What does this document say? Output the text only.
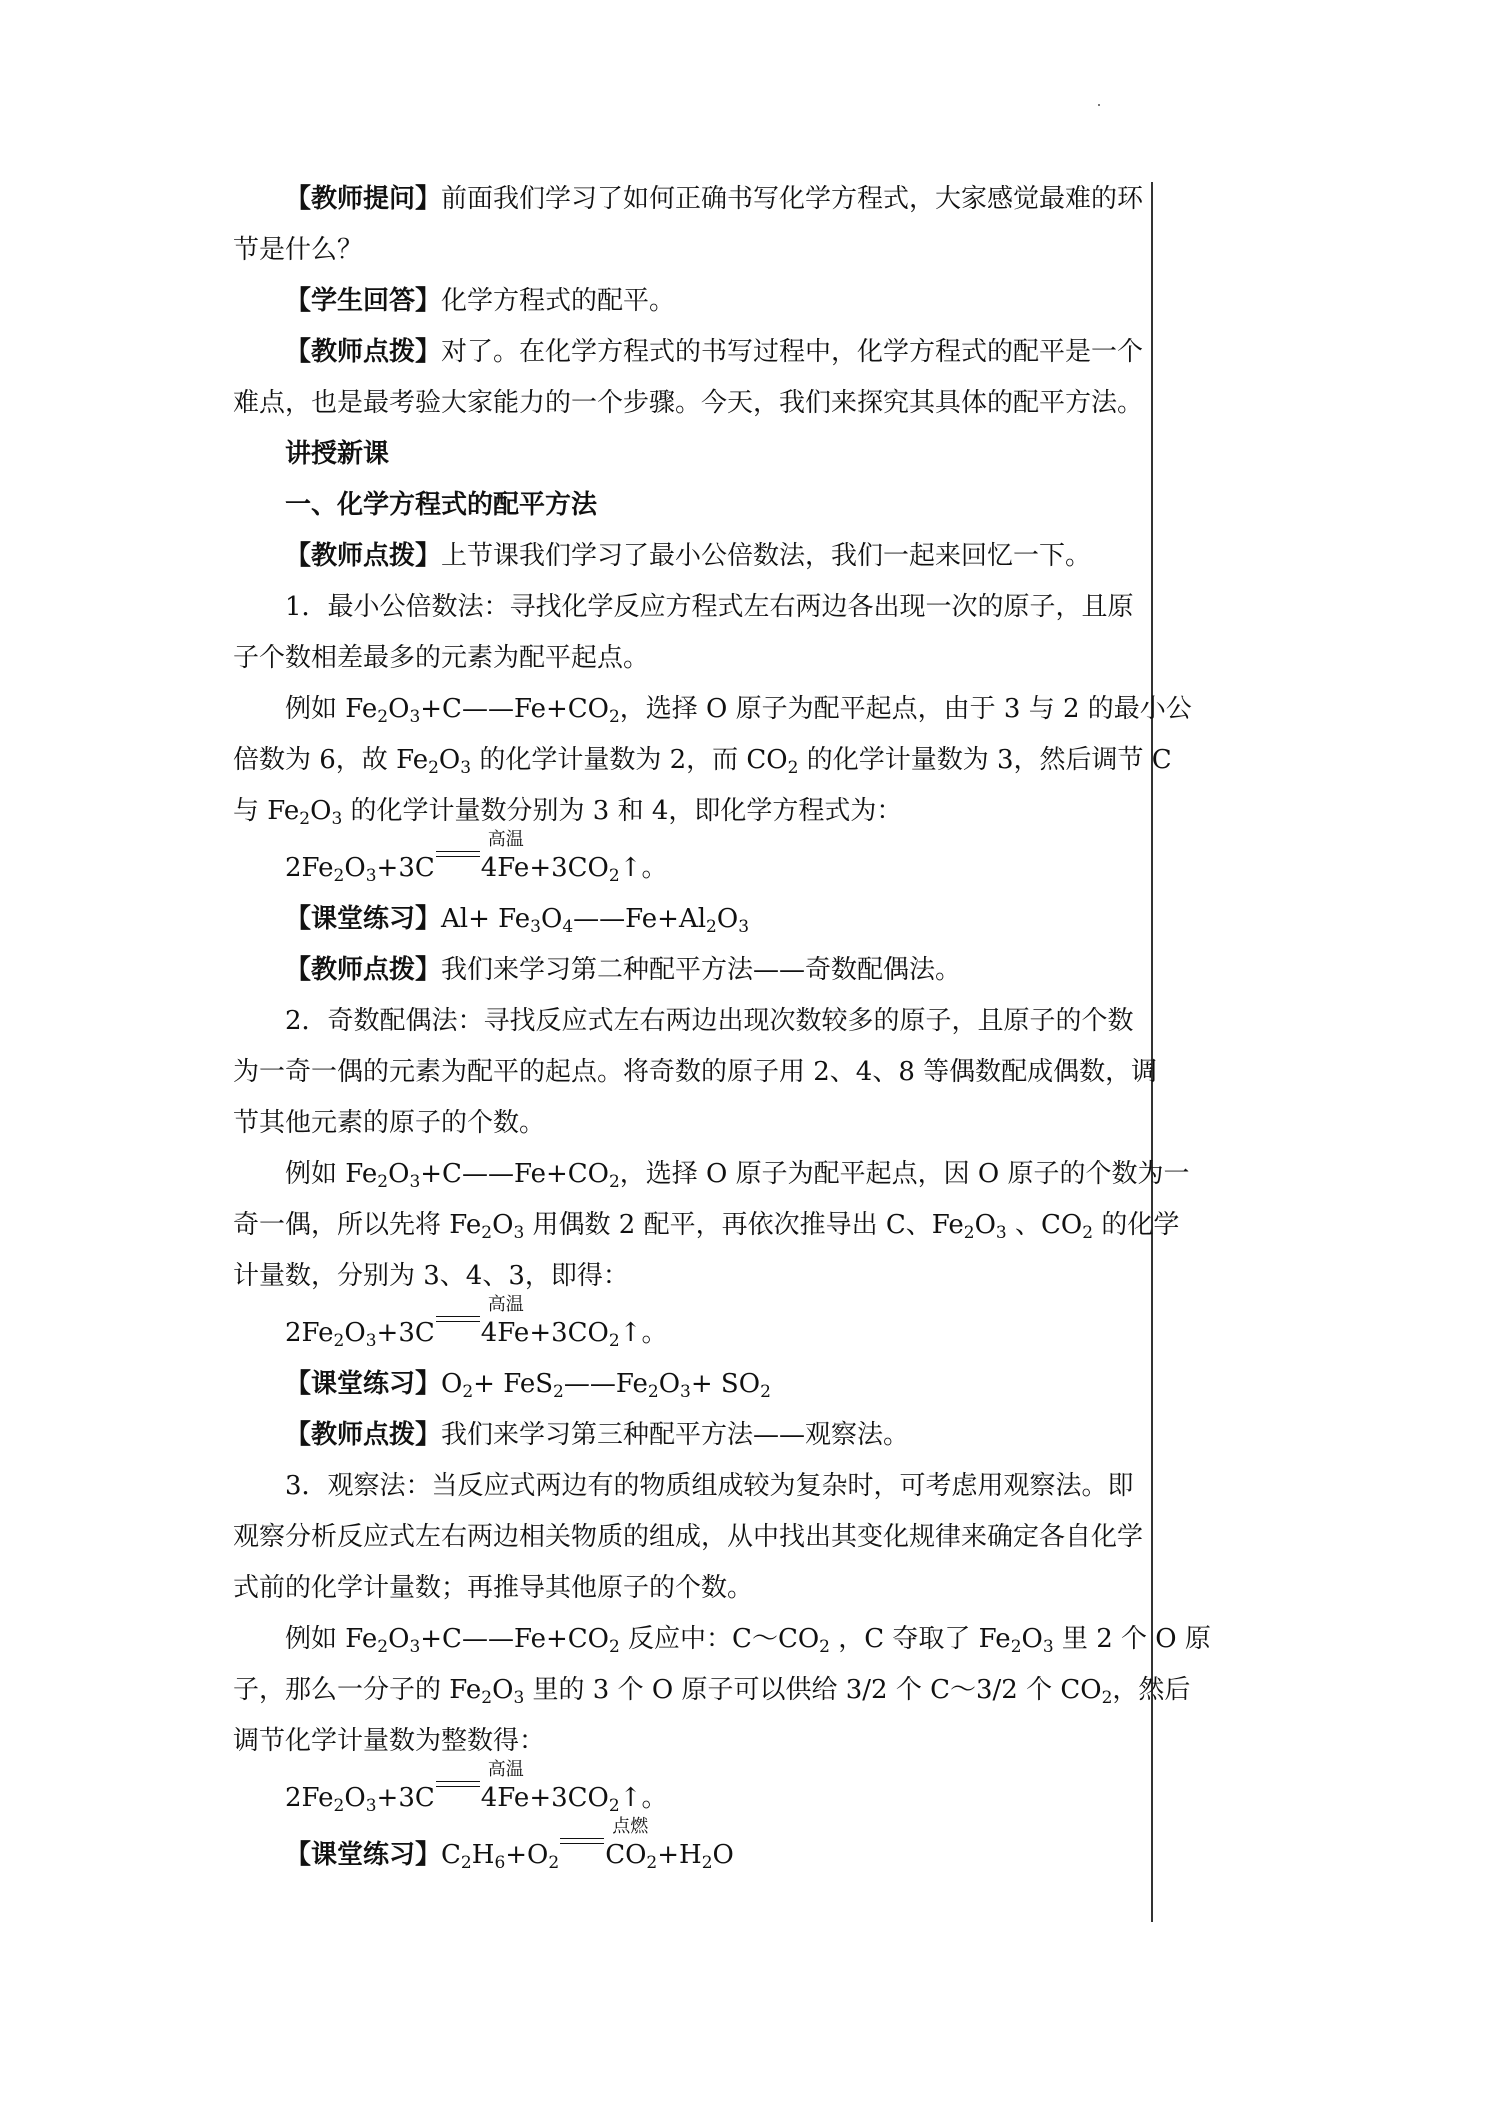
【教师提问】前面我们学习了如何正确书写化学方程式，大家感觉最难的环

节是什么？

【学生回答】化学方程式的配平。

【教师点拨】对了。在化学方程式的书写过程中，化学方程式的配平是一个

难点，也是最考验大家能力的一个步骤。今天，我们来探究其具体的配平方法。

讲授新课

一、化学方程式的配平方法

【教师点拨】上节课我们学习了最小公倍数法，我们一起来回忆一下。

1．最小公倍数法：寻找化学反应方程式左右两边各出现一次的原子，且原

子个数相差最多的元素为配平起点。

例如 $Fe_2O_3+C——Fe+CO_2$，选择 O 原子为配平起点，由于 3 与 2 的最小公

倍数为 6，故 $Fe_2O_3$ 的化学计量数为 2，而 $CO_2$ 的化学计量数为 3，然后调节 C

与 $Fe_2O_3$ 的化学计量数分别为 3 和 4，即化学方程式为：

$2Fe_2O_3+3C$
高温
$4Fe+3CO_2↑$。

【课堂练习】$Al+ Fe_3O_4——Fe+Al_2O_3$

【教师点拨】我们来学习第二种配平方法——奇数配偶法。

2．奇数配偶法：寻找反应式左右两边出现次数较多的原子，且原子的个数

为一奇一偶的元素为配平的起点。将奇数的原子用 2、4、8 等偶数配成偶数，调

节其他元素的原子的个数。

例如 $Fe_2O_3+C——Fe+CO_2$，选择 O 原子为配平起点，因 O 原子的个数为一

奇一偶，所以先将 $Fe_2O_3$ 用偶数 2 配平，再依次推导出 C、$Fe_2O_3$ 、$CO_2$ 的化学

计量数，分别为 3、4、3，即得：

$2Fe_2O_3+3C$
高温
$4Fe+3CO_2↑$。

【课堂练习】$O_2+$ $FeS_2——Fe_2O_3+ SO_2$

【教师点拨】我们来学习第三种配平方法——观察法。

3．观察法：当反应式两边有的物质组成较为复杂时，可考虑用观察法。即

观察分析反应式左右两边相关物质的组成，从中找出其变化规律来确定各自化学

式前的化学计量数；再推导其他原子的个数。

例如 $Fe_2O_3+C——Fe+CO_2$ 反应中：$C\sim CO_2$ ，C 夺取了 $Fe_2O_3$ 里 2 个 O 原

子，那么一分子的 $Fe_2O_3$ 里的 3 个 O 原子可以供给 3/2 个 C～3/2 个 $CO_2$，然后

调节化学计量数为整数得：

$2Fe_2O_3+3C$
高温
$4Fe+3CO_2↑$。

【课堂练习】$C_2H_6+O_2$
点燃
$CO_2+H_2O$
